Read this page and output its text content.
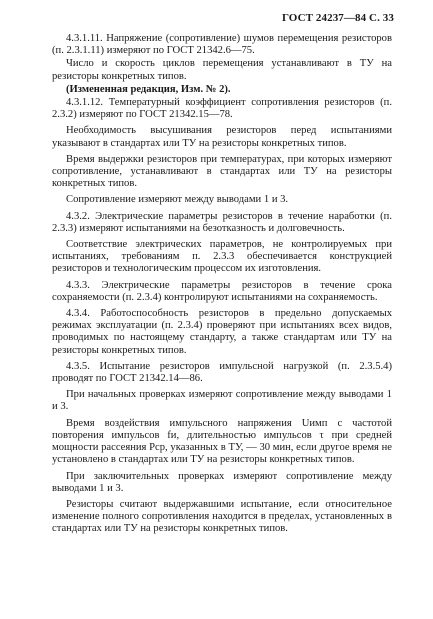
ГОСТ 24237—84 С. 33

4.3.1.11. Напряжение (сопротивление) шумов перемещения резисторов (п. 2.3.1.11) измеряют по ГОСТ 21342.6—75.

Число и скорость циклов перемещения устанавливают в ТУ на резисторы конкретных типов.

(Измененная редакция, Изм. № 2).

4.3.1.12. Температурный коэффициент сопротивления резисторов (п. 2.3.2) измеряют по ГОСТ 21342.15—78.

Необходимость высушивания резисторов перед испытаниями указывают в стандартах или ТУ на резисторы конкретных типов.

Время выдержки резисторов при температурах, при которых измеряют сопротивление, устанавливают в стандартах или ТУ на резисторы конкретных типов.

Сопротивление измеряют между выводами 1 и 3.

4.3.2. Электрические параметры резисторов в течение наработки (п. 2.3.3) измеряют испытаниями на безотказность и долговечность.

Соответствие электрических параметров, не контролируемых при испытаниях, требованиям п. 2.3.3 обеспечивается конструкцией резисторов и технологическим процессом их изготовления.

4.3.3. Электрические параметры резисторов в течение срока сохраняемости (п. 2.3.4) контролируют испытаниями на сохраняемость.

4.3.4. Работоспособность резисторов в предельно допускаемых режимах эксплуатации (п. 2.3.4) проверяют при испытаниях всех видов, проводимых по настоящему стандарту, а также стандартам или ТУ на резисторы конкретных типов.

4.3.5. Испытание резисторов импульсной нагрузкой (п. 2.3.5.4) проводят по ГОСТ 21342.14—86.

При начальных проверках измеряют сопротивление между выводами 1 и 3.

Время воздействия импульсного напряжения Uимп с частотой повторения импульсов fи, длительностью импульсов τ при средней мощности рассеяния Pср, указанных в ТУ, — 30 мин, если другое время не установлено в стандартах или ТУ на резисторы конкретных типов.

При заключительных проверках измеряют сопротивление между выводами 1 и 3.

Резисторы считают выдержавшими испытание, если относительное изменение полного сопротивления находится в пределах, установленных в стандартах или ТУ на резисторы конкретных типов.
